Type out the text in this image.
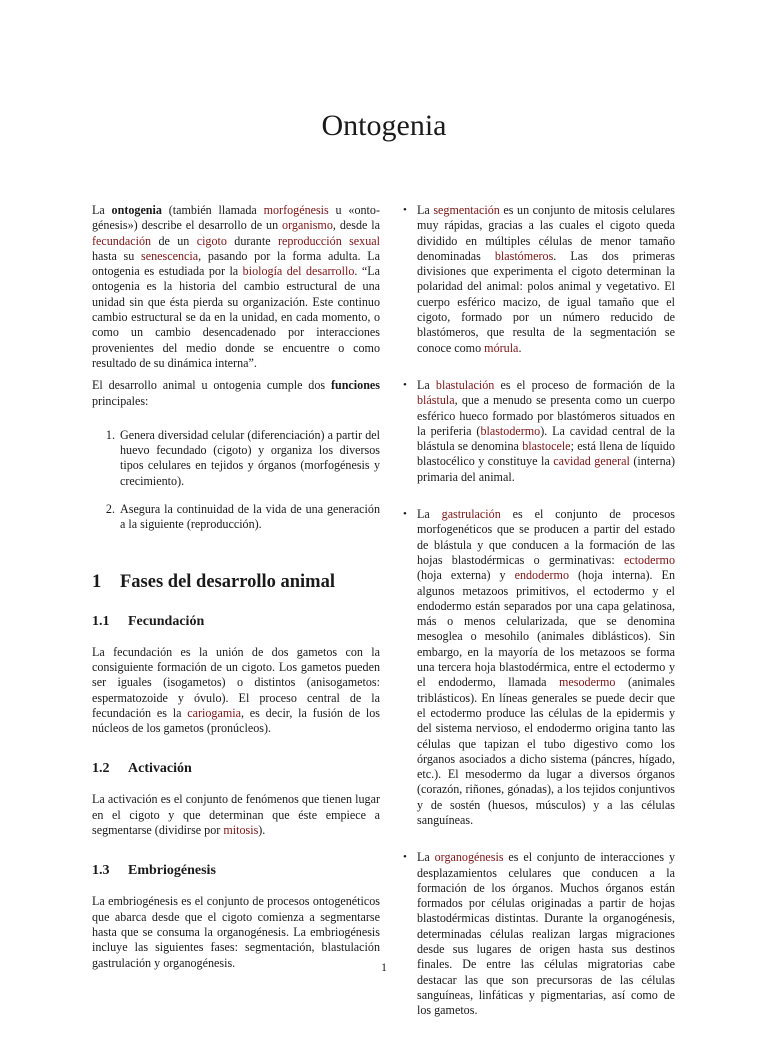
Ontogenia

La ontogenia (también llamada morfogénesis u «ontogénesis») describe el desarrollo de un organismo, desde la fecundación de un cigoto durante reproducción sexual hasta su senescencia, pasando por la forma adulta. La ontogenia es estudiada por la biología del desarrollo. “La ontogenia es la historia del cambio estructural de una unidad sin que ésta pierda su organización. Este continuo cambio estructural se da en la unidad, en cada momento, o como un cambio desencadenado por interacciones provenientes del medio donde se encuentre o como resultado de su dinámica interna”.

El desarrollo animal u ontogenia cumple dos funciones principales:

1. Genera diversidad celular (diferenciación) a partir del huevo fecundado (cigoto) y organiza los diversos tipos celulares en tejidos y órganos (morfogénesis y crecimiento).
2. Asegura la continuidad de la vida de una generación a la siguiente (reproducción).
1 Fases del desarrollo animal
1.1 Fecundación

La fecundación es la unión de dos gametos con la consiguiente formación de un cigoto. Los gametos pueden ser iguales (isogametos) o distintos (anisogametos: espermatozoide y óvulo). El proceso central de la fecundación es la cariogamia, es decir, la fusión de los núcleos de los gametos (pronúcleos).

1.2 Activación

La activación es el conjunto de fenómenos que tienen lugar en el cigoto y que determinan que éste empiece a segmentarse (dividirse por mitosis).

1.3 Embriogénesis

La embriogénesis es el conjunto de procesos ontogenéticos que abarca desde que el cigoto comienza a segmentarse hasta que se consuma la organogénesis. La embriogénesis incluye las siguientes fases: segmentación, blastulación gastrulación y organogénesis.

• La segmentación es un conjunto de mitosis celulares muy rápidas, gracias a las cuales el cigoto queda dividido en múltiples células de menor tamaño denominadas blastómeros. Las dos primeras divisiones que experimenta el cigoto determinan la polaridad del animal: polos animal y vegetativo. El cuerpo esférico macizo, de igual tamaño que el cigoto, formado por un número reducido de blastómeros, que resulta de la segmentación se conoce como mórula.
• La blastulación es el proceso de formación de la blástula, que a menudo se presenta como un cuerpo esférico hueco formado por blastómeros situados en la periferia (blastodermo). La cavidad central de la blástula se denomina blastocele; está llena de líquido blastocélico y constituye la cavidad general (interna) primaria del animal.
• La gastrulación es el conjunto de procesos morfogenéticos que se producen a partir del estado de blástula y que conducen a la formación de las hojas blastodérmicas o germinativas: ectodermo (hoja externa) y endodermo (hoja interna). En algunos metazoos primitivos, el ectodermo y el endodermo están separados por una capa gelatinosa, más o menos celularizada, que se denomina mesoglea o mesohilo (animales diblásticos). Sin embargo, en la mayoría de los metazoos se forma una tercera hoja blastodérmica, entre el ectodermo y el endodermo, llamada mesodermo (animales triblásticos). En líneas generales se puede decir que el ectodermo produce las células de la epidermis y del sistema nervioso, el endodermo origina tanto las células que tapizan el tubo digestivo como los órganos asociados a dicho sistema (páncres, hígado, etc.). El mesodermo da lugar a diversos órganos (corazón, riñones, gónadas), a los tejidos conjuntivos y de sostén (huesos, músculos) y a las células sanguíneas.
• La organogénesis es el conjunto de interacciones y desplazamientos celulares que conducen a la formación de los órganos. Muchos órganos están formados por células originadas a partir de hojas blastodérmicas distintas. Durante la organogénesis, determinadas células realizan largas migraciones desde sus lugares de origen hasta sus destinos finales. De entre las células migratorias cabe destacar las que son precursoras de las células sanguíneas, linfáticas y pigmentarias, así como de los gametos.
1
